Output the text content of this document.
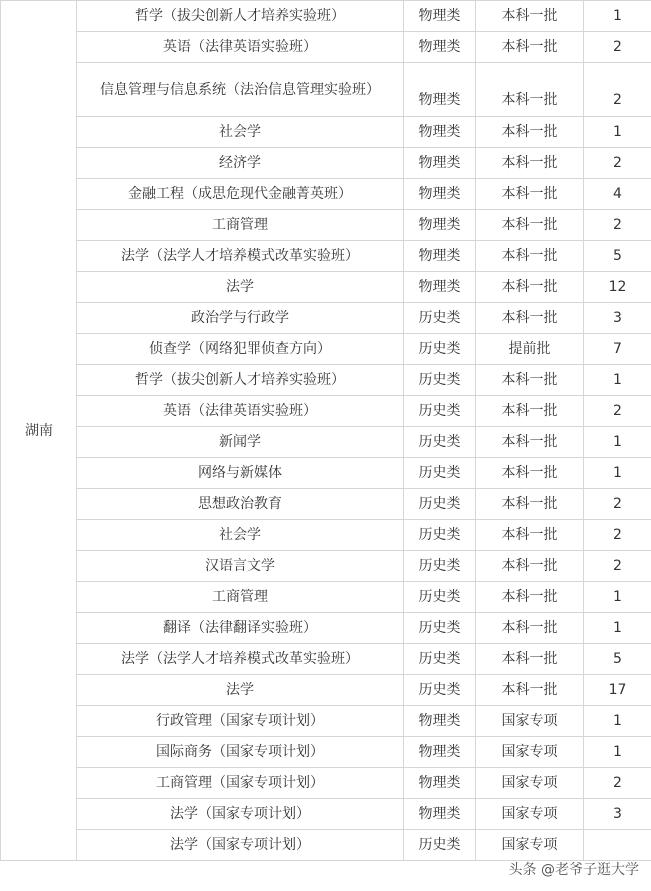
湖南	哲学（拔尖创新人才培养实验班）	物理类	本科一批	1
	英语（法律英语实验班）	物理类	本科一批	2
	信息管理与信息系统（法治信息管理实验班）	物理类	本科一批	2
	社会学	物理类	本科一批	1
	经济学	物理类	本科一批	2
	金融工程（成思危现代金融菁英班）	物理类	本科一批	4
	工商管理	物理类	本科一批	2
	法学（法学人才培养模式改革实验班）	物理类	本科一批	5
	法学	物理类	本科一批	12
	政治学与行政学	历史类	本科一批	3
	侦查学（网络犯罪侦查方向）	历史类	提前批	7
	哲学（拔尖创新人才培养实验班）	历史类	本科一批	1
	英语（法律英语实验班）	历史类	本科一批	2
	新闻学	历史类	本科一批	1
	网络与新媒体	历史类	本科一批	1
	思想政治教育	历史类	本科一批	2
	社会学	历史类	本科一批	2
	汉语言文学	历史类	本科一批	2
	工商管理	历史类	本科一批	1
	翻译（法律翻译实验班）	历史类	本科一批	1
	法学（法学人才培养模式改革实验班）	历史类	本科一批	5
	法学	历史类	本科一批	17
	行政管理（国家专项计划）	物理类	国家专项	1
	国际商务（国家专项计划）	物理类	国家专项	1
	工商管理（国家专项计划）	物理类	国家专项	2
	法学（国家专项计划）	物理类	国家专项	3
	法学（国家专项计划）	历史类	国家专项	
头条 @老爷子逛大学
